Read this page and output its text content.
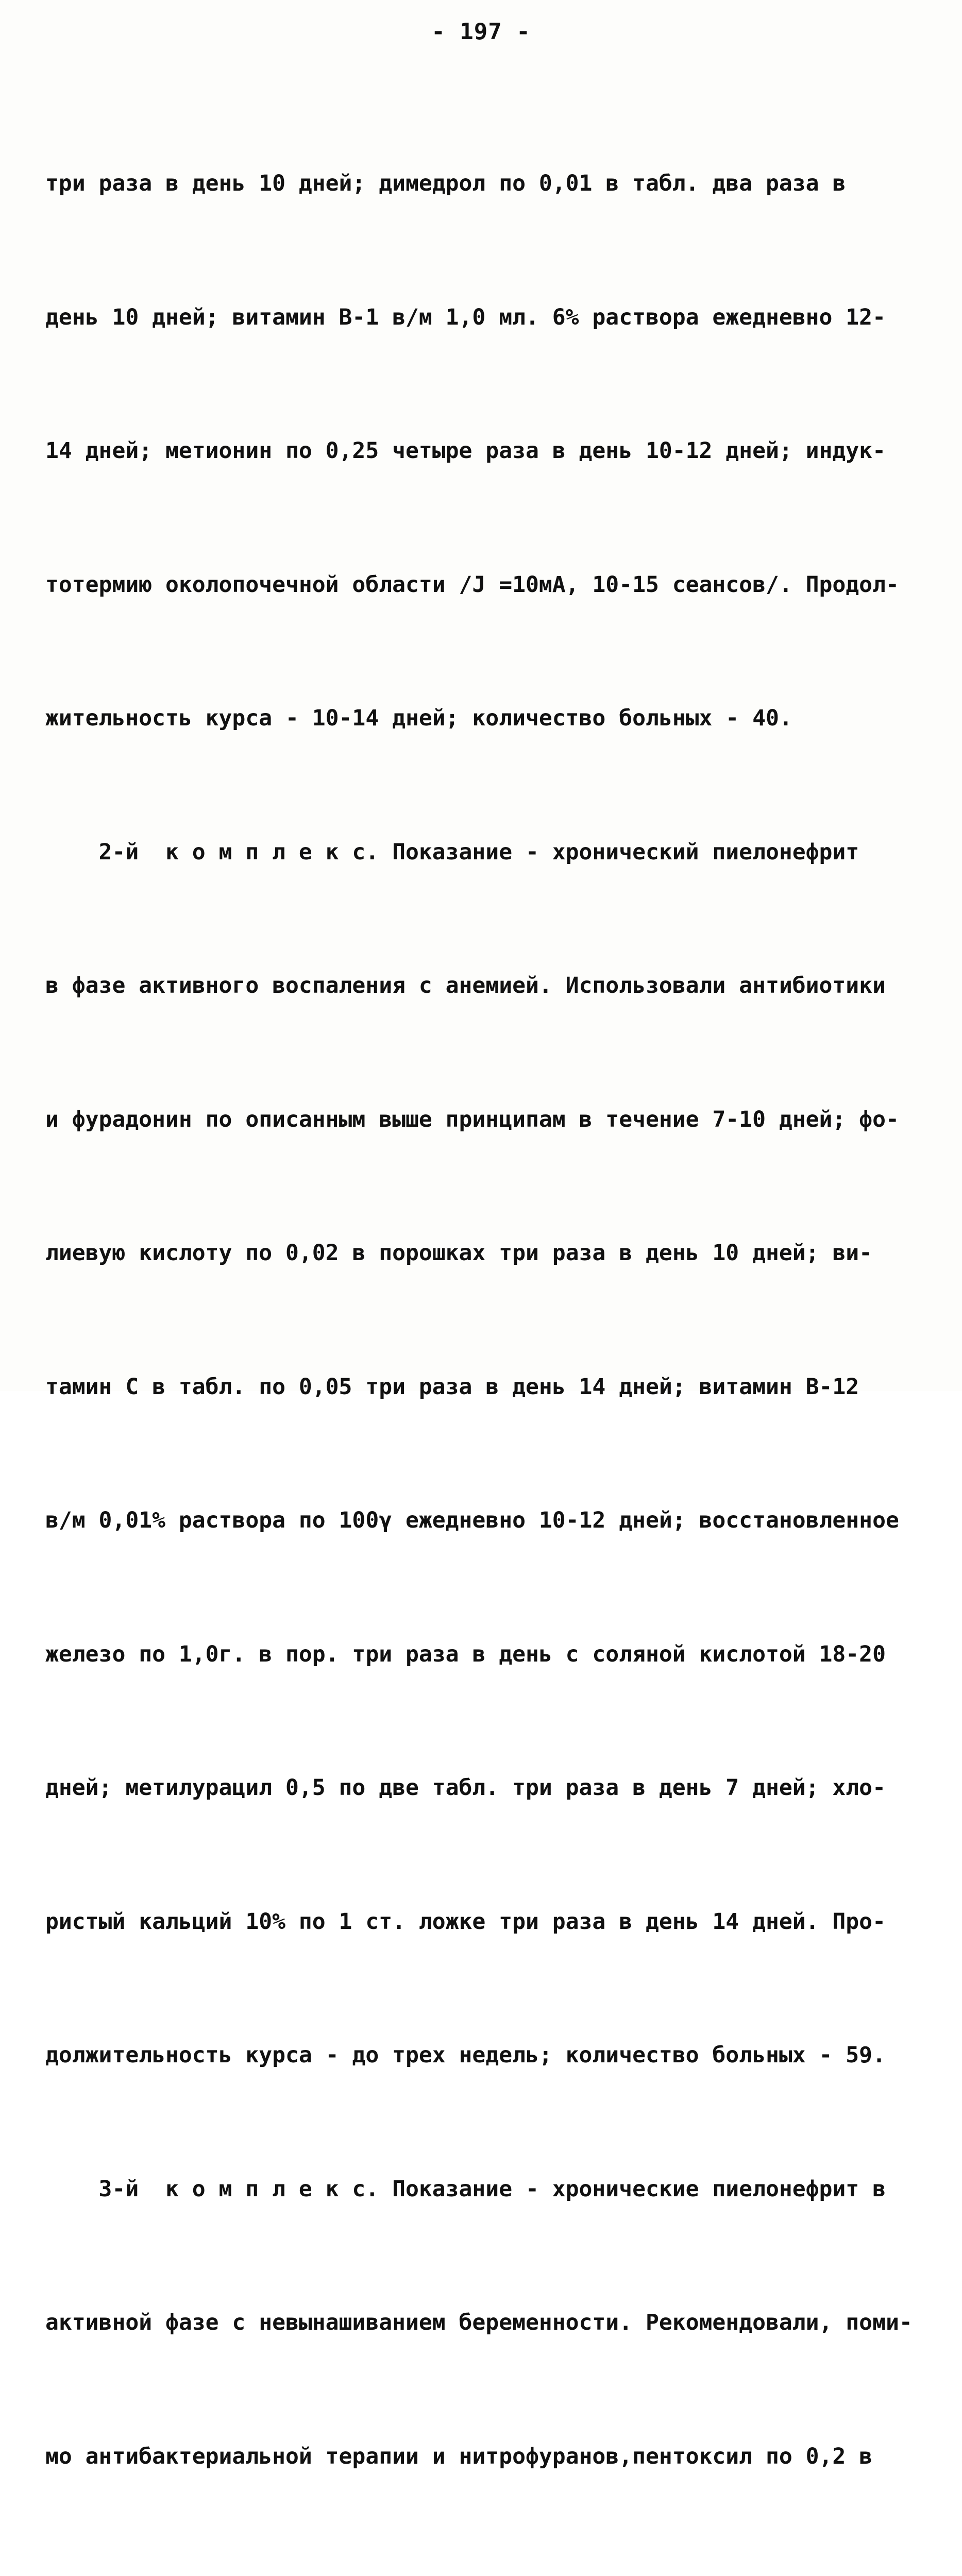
- 197 -

три раза в день 10 дней; димедрол по 0,01 в табл. два раза в

день 10 дней; витамин В-1 в/м 1,0 мл. 6% раствора ежедневно 12-

14 дней; метионин по 0,25 четыре раза в день 10-12 дней; индук-

тотермию околопочечной области /J =10мА, 10-15 сеансов/. Продол-

жительность курса - 10-14 дней; количество больных - 40.

2-й  к о м п л е к с. Показание - хронический пиелонефрит

в фазе активного воспаления с анемией. Использовали антибиотики

и фурадонин по описанным выше принципам в течение 7-10 дней; фо-

лиевую кислоту по 0,02 в порошках три раза в день 10 дней; ви-

тамин С в табл. по 0,05 три раза в день 14 дней; витамин В-12

в/м 0,01% раствора по 100γ ежедневно 10-12 дней; восстановленное

железо по 1,0г. в пор. три раза в день с соляной кислотой 18-20

дней; метилурацил 0,5 по две табл. три раза в день 7 дней; хло-

ристый кальций 10% по 1 ст. ложке три раза в день 14 дней. Про-

должительность курса - до трех недель; количество больных - 59.

3-й  к о м п л е к с. Показание - хронические пиелонефрит в

активной фазе с невынашиванием беременности. Рекомендовали, поми-

мо антибактериальной терапии и нитрофуранов,пентоксил по 0,2 в
